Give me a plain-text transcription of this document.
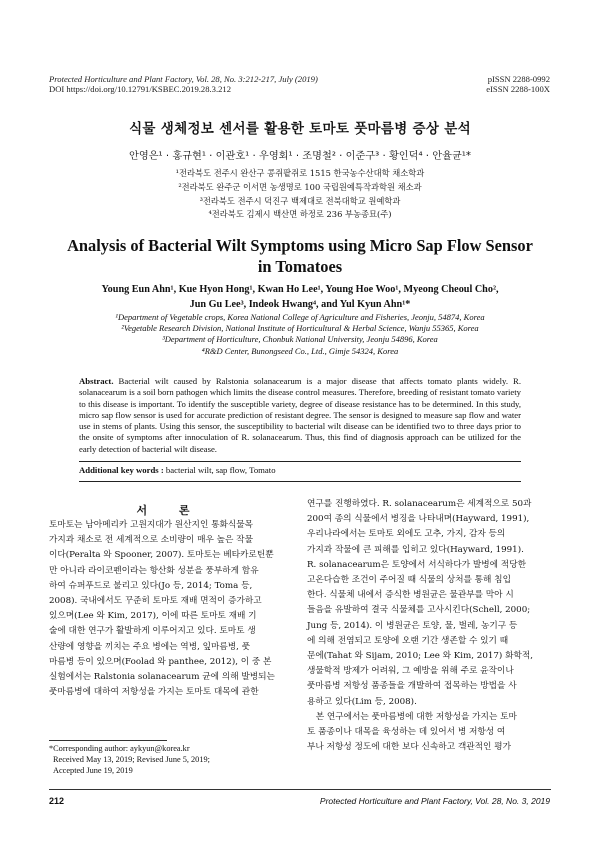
Protected Horticulture and Plant Factory, Vol. 28, No. 3:212-217, July (2019)
DOI https://doi.org/10.12791/KSBEC.2019.28.3.212
pISSN 2288-0992
eISSN 2288-100X
식물 생체정보 센서를 활용한 토마토 풋마름병 증상 분석
안영은¹ · 홍규현¹ · 이관호¹ · 우영회¹ · 조명철² · 이준구³ · 황인덕⁴ · 안율균¹*
¹전라북도 전주시 완산구 콩쥐팥쥐로 1515 한국농수산대학 채소학과
²전라북도 완주군 이서면 농생명로 100 국립원예특작과학원 채소과
³전라북도 전주시 덕진구 백제대로 전북대학교 원예학과
⁴전라북도 김제시 백산면 하정로 236 부농종묘(주)
Analysis of Bacterial Wilt Symptoms using Micro Sap Flow Sensor
in Tomatoes
Young Eun Ahn¹, Kue Hyon Hong¹, Kwan Ho Lee¹, Young Hoe Woo¹, Myeong Cheoul Cho²,
Jun Gu Lee³, Indeok Hwang⁴, and Yul Kyun Ahn¹*
¹Department of Vegetable crops, Korea National College of Agriculture and Fisheries, Jeonju, 54874, Korea
²Vegetable Research Division, National Institute of Horticultural & Herbal Science, Wanju 55365, Korea
³Department of Horticulture, Chonbuk National University, Jeonju 54896, Korea
⁴R&D Center, Bunongseed Co., Ltd., Gimje 54324, Korea
Abstract. Bacterial wilt caused by Ralstonia solanacearum is a major disease that affects tomato plants widely. R. solanacearum is a soil born pathogen which limits the disease control measures. Therefore, breeding of resistant tomato variety to this disease is important. To identify the susceptible variety, degree of disease resistance has to be determined. In this study, micro sap flow sensor is used for accurate prediction of resistant degree. The sensor is designed to measure sap flow and water use in stems of plants. Using this sensor, the susceptibility to bacterial wilt disease can be identified two to three days prior to the onsite of symptoms after innoculation of R. solanacearum. Thus, this find of diagnosis approach can be utilized for the early detection of bacterial wilt disease.
Additional key words : bacterial wilt, sap flow, Tomato
서 론
토마토는 남아메리카 고원지대가 원산지인 통화식물목
가지과 채소로 전 세계적으로 소비량이 매우 높은 작물
이다(Peralta 와 Spooner, 2007). 토마토는 베타카로틴뿐
만 아니라 라이코펜이라는 항산화 성분을 풍부하게 함유
하여 슈퍼푸드로 불리고 있다(Jo 등, 2014; Toma 등,
2008). 국내에서도 꾸준히 토마토 재배 면적이 증가하고
있으며(Lee 와 Kim, 2017), 이에 따른 토마토 재배 기
술에 대한 연구가 활발하게 이루어지고 있다. 토마토 생
산량에 영향을 끼치는 주요 병에는 역병, 잎마름병, 풋
마름병 등이 있으며(Foolad 와 panthee, 2012), 이 중 본
실험에서는 Ralstonia solanacearum 균에 의해 발병되는
풋마름병에 대하여 저항성을 가지는 토마토 대목에 관한
연구를 진행하였다. R. solanacearum은 세계적으로 50과
200여 종의 식물에서 병징을 나타내며(Hayward, 1991),
우리나라에서는 토마토 외에도 고추, 가지, 감자 등의
가지과 작물에 큰 피해를 입히고 있다(Hayward, 1991).
R. solanacearum은 토양에서 서식하다가 발병에 적당한
고온다습한 조건이 주어질 때 식물의 상처를 통해 침입
한다. 식물체 내에서 증식한 병원균은 물관부를 막아 시
들음을 유발하여 결국 식물체를 고사시킨다(Schell, 2000;
Jung 등, 2014). 이 병원균은 토양, 물, 벌레, 농기구 등
에 의해 전염되고 토양에 오랜 기간 생존할 수 있기 때
문에(Tahat 와 Sijam, 2010; Lee 와 Kim, 2017) 화학적,
생물학적 방제가 어려워, 그 예방을 위해 주로 윤작이나
풋마름병 저항성 품종들을 개발하여 접목하는 방법을 사
용하고 있다(Lim 등, 2008).
　본 연구에서는 풋마름병에 대한 저항성을 가지는 토마
토 품종이나 대목을 육성하는 데 있어서 병 저항성 여
부나 저항성 정도에 대한 보다 신속하고 객관적인 평가
*Corresponding author: aykyun@korea.kr
Received May 13, 2019; Revised June 5, 2019;
Accepted June 19, 2019
212	Protected Horticulture and Plant Factory, Vol. 28, No. 3, 2019
